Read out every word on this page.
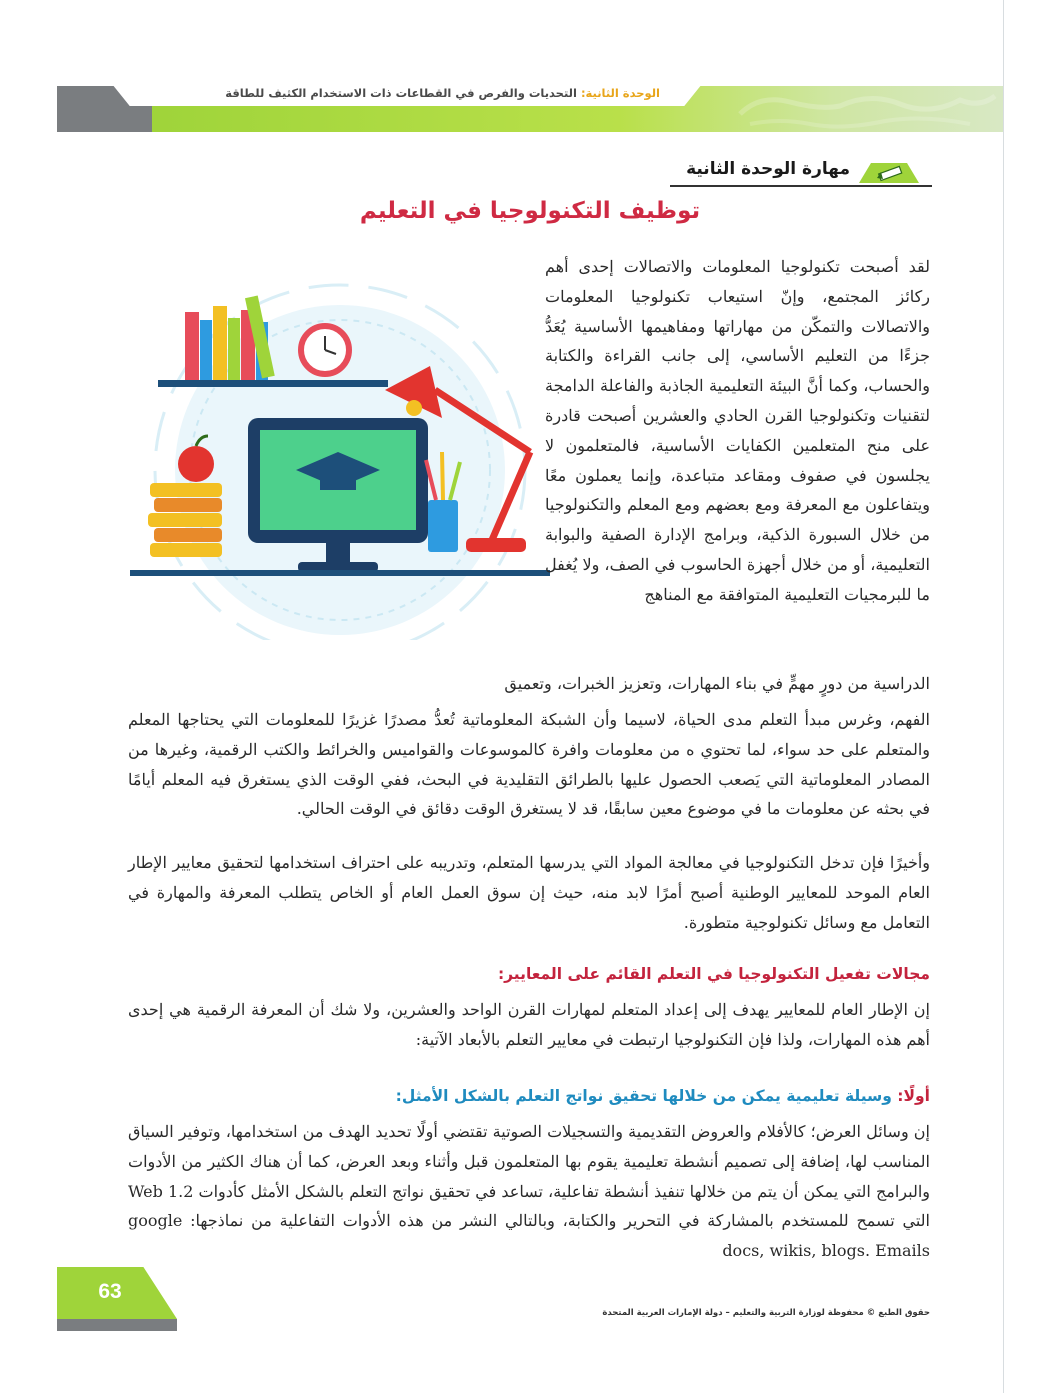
الوحدة الثانية: التحديات والفرص في القطاعات ذات الاستخدام الكثيف للطاقة
مهارة الوحدة الثانية
توظيف التكنولوجيا في التعليم

لقد أصبحت تكنولوجيا المعلومات والاتصالات إحدى أهم ركائز المجتمع، وإنّ استيعاب تكنولوجيا المعلومات والاتصالات والتمكّن من مهاراتها ومفاهيمها الأساسية يُعَدُّ جزءًا من التعليم الأساسي، إلى جانب القراءة والكتابة والحساب، وكما أنَّ البيئة التعليمية الجاذبة والفاعلة الدامجة لتقنيات وتكنولوجيا القرن الحادي والعشرين أصبحت قادرة على منح المتعلمين الكفايات الأساسية، فالمتعلمون لا يجلسون في صفوف ومقاعد متباعدة، وإنما يعملون معًا ويتفاعلون مع المعرفة ومع بعضهم ومع المعلم والتكنولوجيا من خلال السبورة الذكية، وبرامج الإدارة الصفية والبوابة التعليمية، أو من خلال أجهزة الحاسوب في الصف، ولا يُغفل ما للبرمجيات التعليمية المتوافقة مع المناهج

الدراسية من دورٍ مهمٍّ في بناء المهارات، وتعزيز الخبرات، وتعميق

الفهم، وغرس مبدأ التعلم مدى الحياة، لاسيما وأن الشبكة المعلوماتية تُعدُّ مصدرًا غزيرًا للمعلومات التي يحتاجها المعلم والمتعلم على حد سواء، لما تحتوي ه من معلومات وافرة كالموسوعات والقواميس والخرائط والكتب الرقمية، وغيرها من المصادر المعلوماتية التي يَصعب الحصول عليها بالطرائق التقليدية في البحث، ففي الوقت الذي يستغرق فيه المعلم أيامًا في بحثه عن معلومات ما في موضوع معين سابقًا، قد لا يستغرق الوقت دقائق في الوقت الحالي.

وأخيرًا فإن تدخل التكنولوجيا في معالجة المواد التي يدرسها المتعلم، وتدريبه على احتراف استخدامها لتحقيق معايير الإطار العام الموحد للمعايير الوطنية أصبح أمرًا لابد منه، حيث إن سوق العمل العام أو الخاص يتطلب المعرفة والمهارة في التعامل مع وسائل تكنولوجية متطورة.

مجالات تفعيل التكنولوجيا في التعلم القائم على المعايير:

إن الإطار العام للمعايير يهدف إلى إعداد المتعلم لمهارات القرن الواحد والعشرين، ولا شك أن المعرفة الرقمية هي إحدى أهم هذه المهارات، ولذا فإن التكنولوجيا ارتبطت في معايير التعلم بالأبعاد الآتية:

أولًا: وسيلة تعليمية يمكن من خلالها تحقيق نواتج التعلم بالشكل الأمثل:

إن وسائل العرض؛ كالأفلام والعروض التقديمية والتسجيلات الصوتية تقتضي أولًا تحديد الهدف من استخدامها، وتوفير السياق المناسب لها، إضافة إلى تصميم أنشطة تعليمية يقوم بها المتعلمون قبل وأثناء وبعد العرض، كما أن هناك الكثير من الأدوات والبرامج التي يمكن أن يتم من خلالها تنفيذ أنشطة تفاعلية، تساعد في تحقيق نواتج التعلم بالشكل الأمثل كأدوات Web 1.2 التي تسمح للمستخدم بالمشاركة في التحرير والكتابة، وبالتالي النشر من هذه الأدوات التفاعلية من نماذجها: google docs, wikis, blogs. Emails

63
حقوق الطبع © محفوظة لوزارة التربية والتعليم – دولة الإمارات العربية المتحدة
